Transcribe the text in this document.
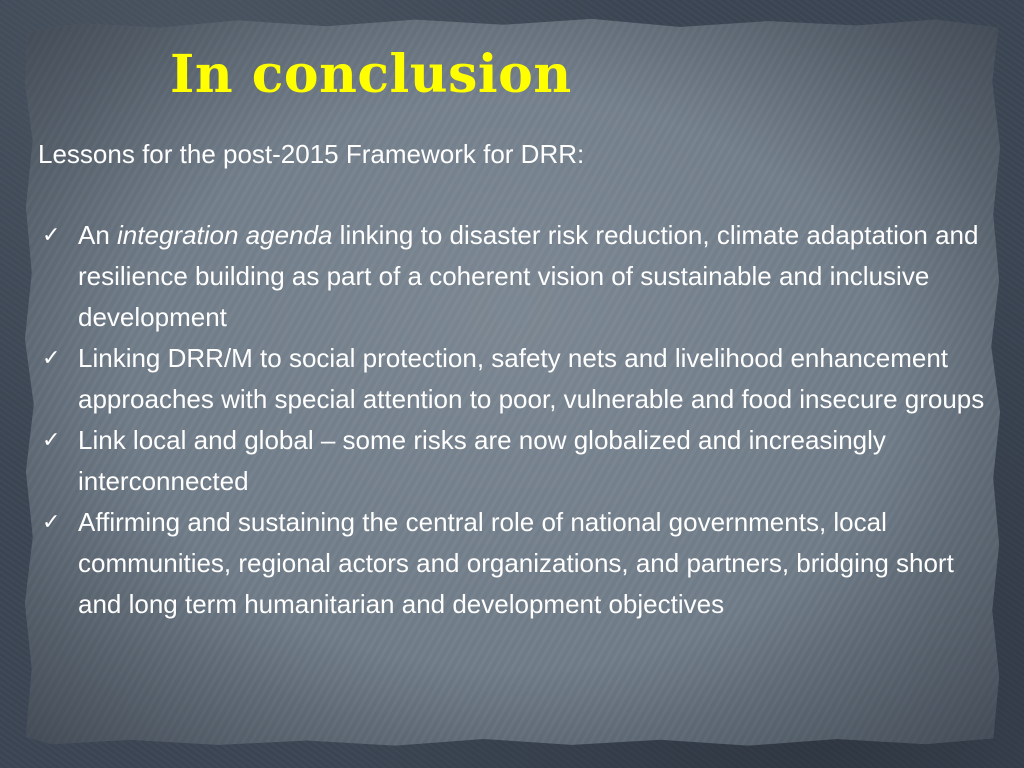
In conclusion

Lessons for the post-2015 Framework for DRR:

✓ An integration agenda linking to disaster risk reduction, climate adaptation and resilience building as part of a coherent vision of sustainable and inclusive development
✓ Linking DRR/M to social protection, safety nets and livelihood enhancement approaches with special attention to poor, vulnerable and food insecure groups
✓ Link local and global – some risks are now globalized and increasingly interconnected
✓ Affirming and sustaining the central role of national governments, local communities, regional actors and organizations, and partners, bridging short and long term humanitarian and development objectives
